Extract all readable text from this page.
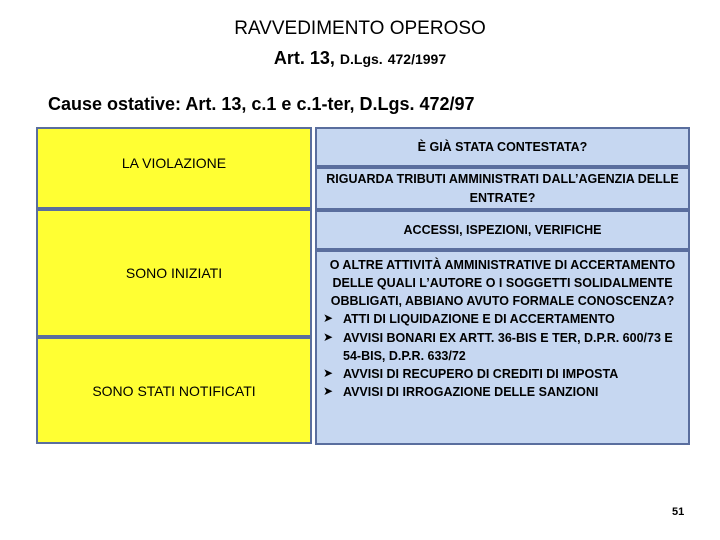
RAVVEDIMENTO OPEROSO
Art. 13, D.Lgs. 472/1997
Cause ostative: Art. 13, c.1 e c.1-ter, D.Lgs. 472/97
LA VIOLAZIONE
SONO INIZIATI
SONO STATI NOTIFICATI
È GIÀ STATA CONTESTATA?
RIGUARDA TRIBUTI AMMINISTRATI DALL’AGENZIA DELLE ENTRATE?
ACCESSI, ISPEZIONI, VERIFICHE
O ALTRE ATTIVITÀ AMMINISTRATIVE DI ACCERTAMENTO DELLE QUALI L’AUTORE O I SOGGETTI SOLIDALMENTE OBBLIGATI, ABBIANO AVUTO FORMALE CONOSCENZA?
➤ ATTI DI LIQUIDAZIONE E DI ACCERTAMENTO
➤ AVVISI BONARI EX ARTT. 36-BIS E TER, D.P.R. 600/73 E 54-BIS, D.P.R. 633/72
➤ AVVISI DI RECUPERO DI CREDITI DI IMPOSTA
➤ AVVISI DI IRROGAZIONE DELLE SANZIONI
51
